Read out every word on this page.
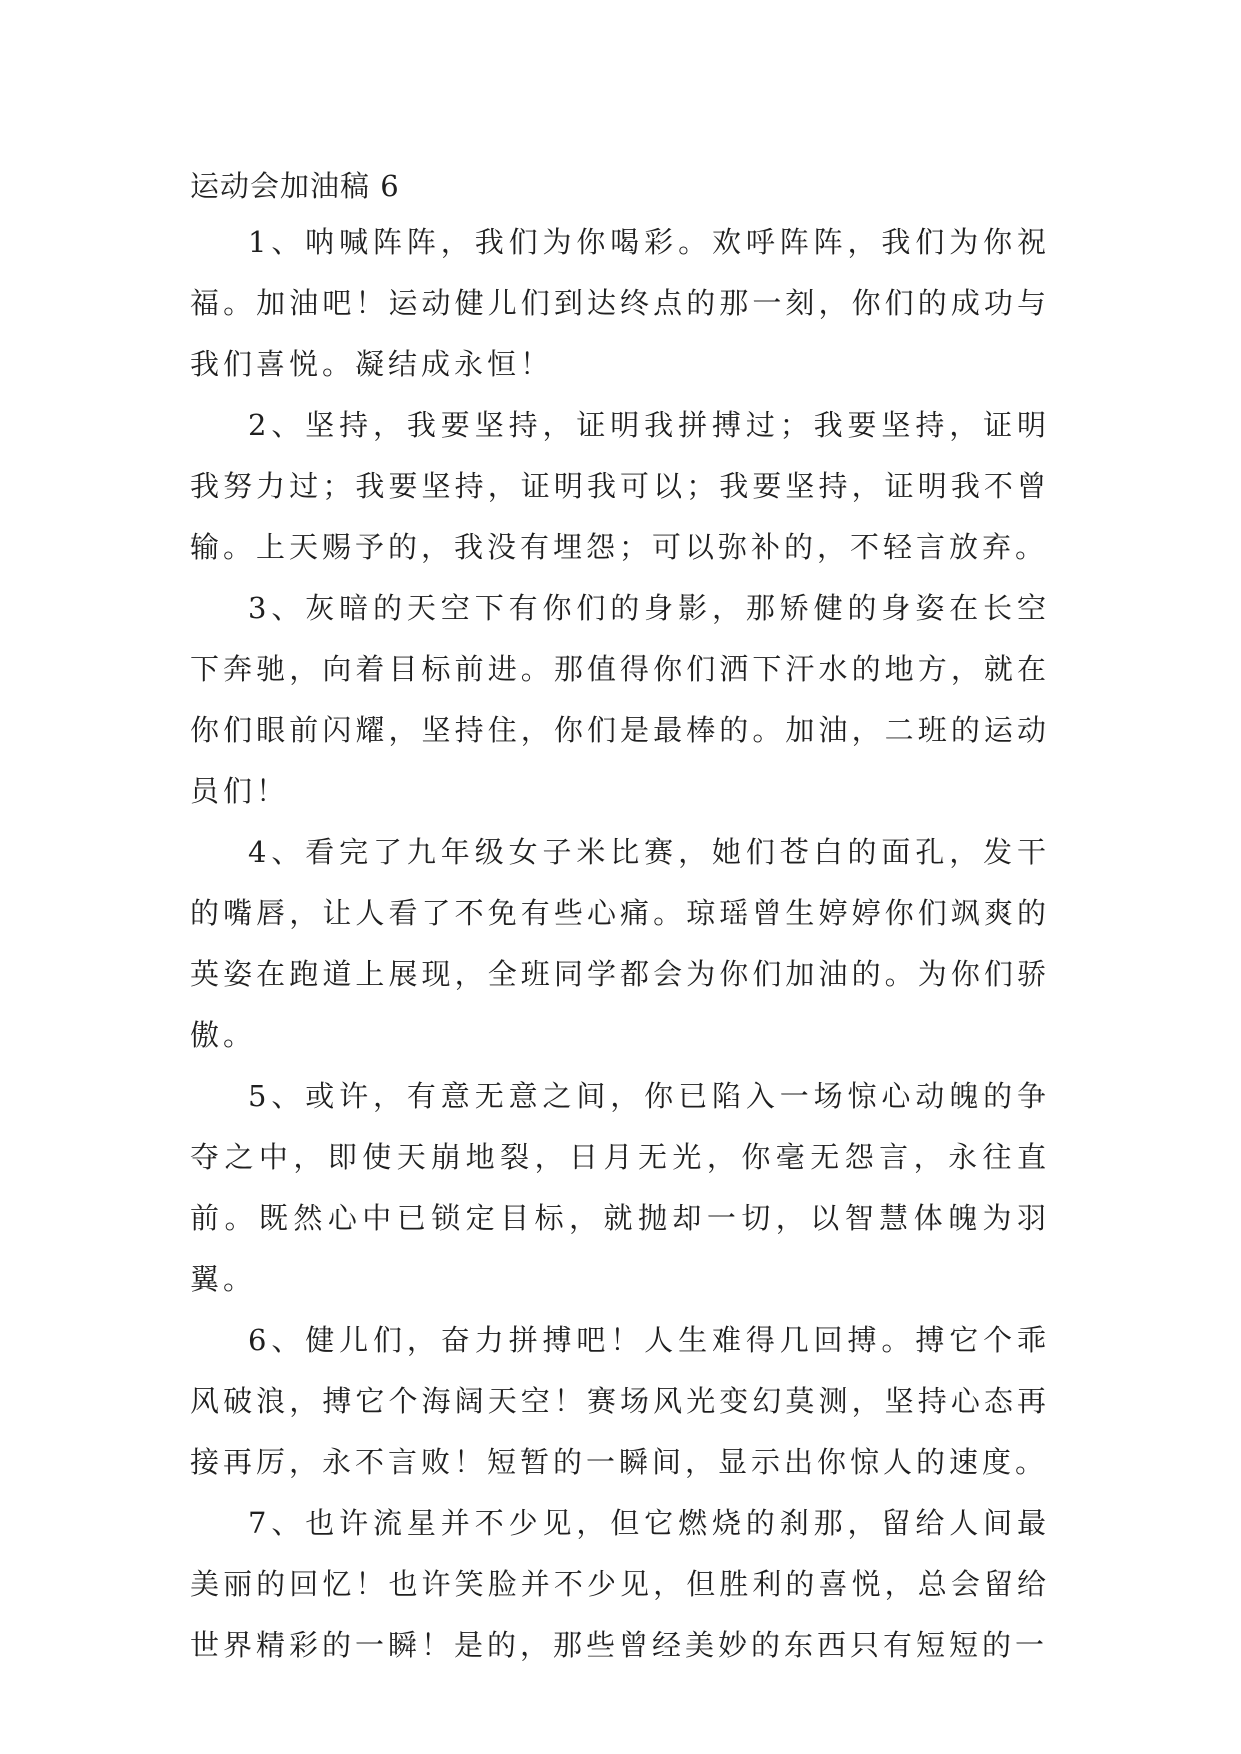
运动会加油稿 6

1、呐喊阵阵，我们为你喝彩。欢呼阵阵，我们为你祝福。加油吧！运动健儿们到达终点的那一刻，你们的成功与我们喜悦。凝结成永恒！

2、坚持，我要坚持，证明我拼搏过；我要坚持，证明我努力过；我要坚持，证明我可以；我要坚持，证明我不曾输。上天赐予的，我没有埋怨；可以弥补的，不轻言放弃。

3、灰暗的天空下有你们的身影，那矫健的身姿在长空下奔驰，向着目标前进。那值得你们洒下汗水的地方，就在你们眼前闪耀，坚持住，你们是最棒的。加油，二班的运动员们！

4、看完了九年级女子米比赛，她们苍白的面孔，发干的嘴唇，让人看了不免有些心痛。琼瑶曾生婷婷你们飒爽的英姿在跑道上展现，全班同学都会为你们加油的。为你们骄傲。

5、或许，有意无意之间，你已陷入一场惊心动魄的争夺之中，即使天崩地裂，日月无光，你毫无怨言，永往直前。既然心中已锁定目标，就抛却一切，以智慧体魄为羽翼。

6、健儿们，奋力拼搏吧！人生难得几回搏。搏它个乖风破浪，搏它个海阔天空！赛场风光变幻莫测，坚持心态再接再厉，永不言败！短暂的一瞬间，显示出你惊人的速度。

7、也许流星并不少见，但它燃烧的刹那，留给人间最美丽的回忆！也许笑脸并不少见，但胜利的喜悦，总会留给世界精彩的一瞬！是的，那些曾经美妙的东西只有短短的一
